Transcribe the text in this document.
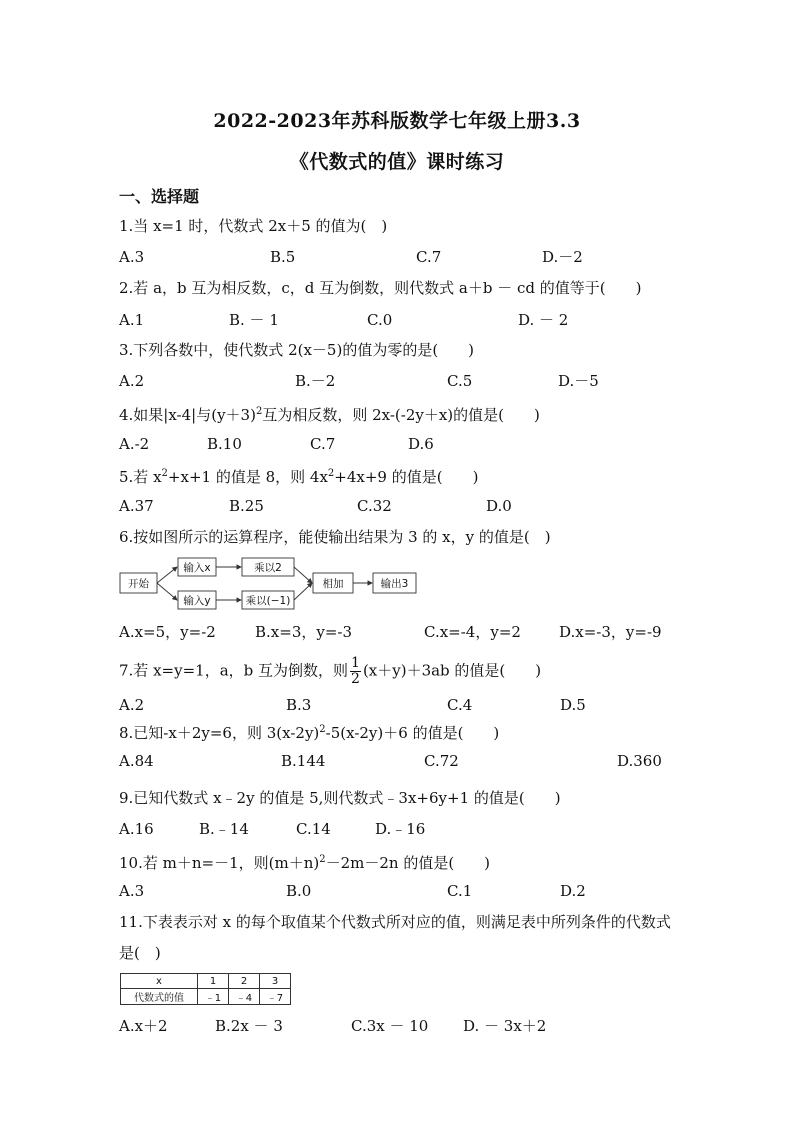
2022-2023年苏科版数学七年级上册3.3
《代数式的值》课时练习
一、选择题
1.当 x=1 时，代数式 2x＋5 的值为(　)
A.3	B.5	C.7	D.－2
2.若 a，b 互为相反数，c，d 互为倒数，则代数式 a＋b － cd 的值等于(　　)
A.1	B. － 1	C.0	D. － 2
3.下列各数中，使代数式 2(x－5)的值为零的是(　　)
A.2	B.－2	C.5	D.－5
4.如果|x-4|与$(y+3)^2$互为相反数，则 2x-(-2y＋x)的值是(　　)
A.-2	B.10	C.7	D.6
5.若 $x^2+x+1$ 的值是 8，则 $4x^2+4x+9$ 的值是(　　)
A.37	B.25	C.32	D.0
6.按如图所示的运算程序，能使输出结果为 3 的 x，y 的值是(　)
开始
输入x
输入y
乘以2
乘以(−1)
相加	输出3
A.x=5，y=-2	B.x=3，y=-3	C.x=-4，y=2	D.x=-3，y=-9
7.若 x=y=1，a，b 互为倒数，则 $\frac{1}{2} (x+y)+3ab$ 的值是(　　)
A.2	B.3	C.4	D.5
8.已知-x＋2y=6，则 $3(x-2y)^2-5(x-2y)+6$ 的值是(　　)
A.84	B.144	C.72	D.360
9.已知代数式 x﹣2y 的值是 5,则代数式﹣3x+6y+1 的值是(　　)
A.16	B.﹣14	C.14	D.﹣16
10.若 m＋n=－1，则$(m+n)^2-2m-2n$ 的值是(　　)
A.3	B.0	C.1	D.2
11.下表表示对 x 的每个取值某个代数式所对应的值，则满足表中所列条件的代数式
是(　)
x	1	2	3
代数式的值	﹣1	﹣4	﹣7
A.x＋2	B.2x － 3	C.3x － 10 D. － 3x＋2
